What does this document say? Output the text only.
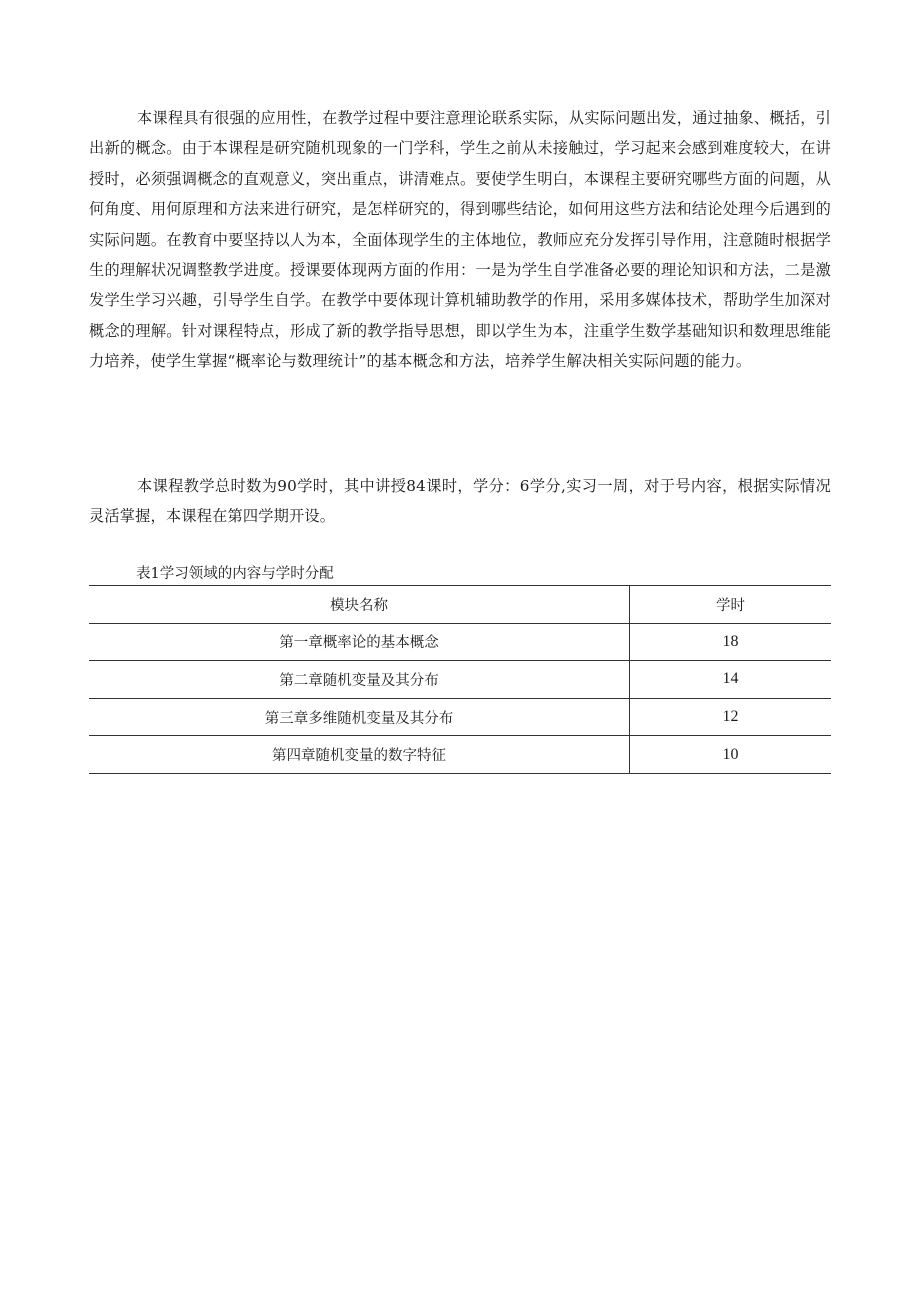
本课程具有很强的应用性，在教学过程中要注意理论联系实际，从实际问题出发，通过抽象、概括，引出新的概念。由于本课程是研究随机现象的一门学科，学生之前从未接触过，学习起来会感到难度较大，在讲授时，必须强调概念的直观意义，突出重点，讲清难点。要使学生明白，本课程主要研究哪些方面的问题，从何角度、用何原理和方法来进行研究，是怎样研究的，得到哪些结论，如何用这些方法和结论处理今后遇到的实际问题。在教育中要坚持以人为本，全面体现学生的主体地位，教师应充分发挥引导作用，注意随时根据学生的理解状况调整教学进度。授课要体现两方面的作用：一是为学生自学准备必要的理论知识和方法，二是激发学生学习兴趣，引导学生自学。在教学中要体现计算机辅助教学的作用，采用多媒体技术，帮助学生加深对概念的理解。针对课程特点，形成了新的教学指导思想，即以学生为本，注重学生数学基础知识和数理思维能力培养，使学生掌握“概率论与数理统计”的基本概念和方法，培养学生解决相关实际问题的能力。

本课程教学总时数为90学时，其中讲授84课时，学分：6学分,实习一周，对于号内容，根据实际情况灵活掌握，本课程在第四学期开设。

表1学习领域的内容与学时分配

模块名称	学时
第一章概率论的基本概念	18
第二章随机变量及其分布	14
第三章多维随机变量及其分布	12
第四章随机变量的数字特征	10
